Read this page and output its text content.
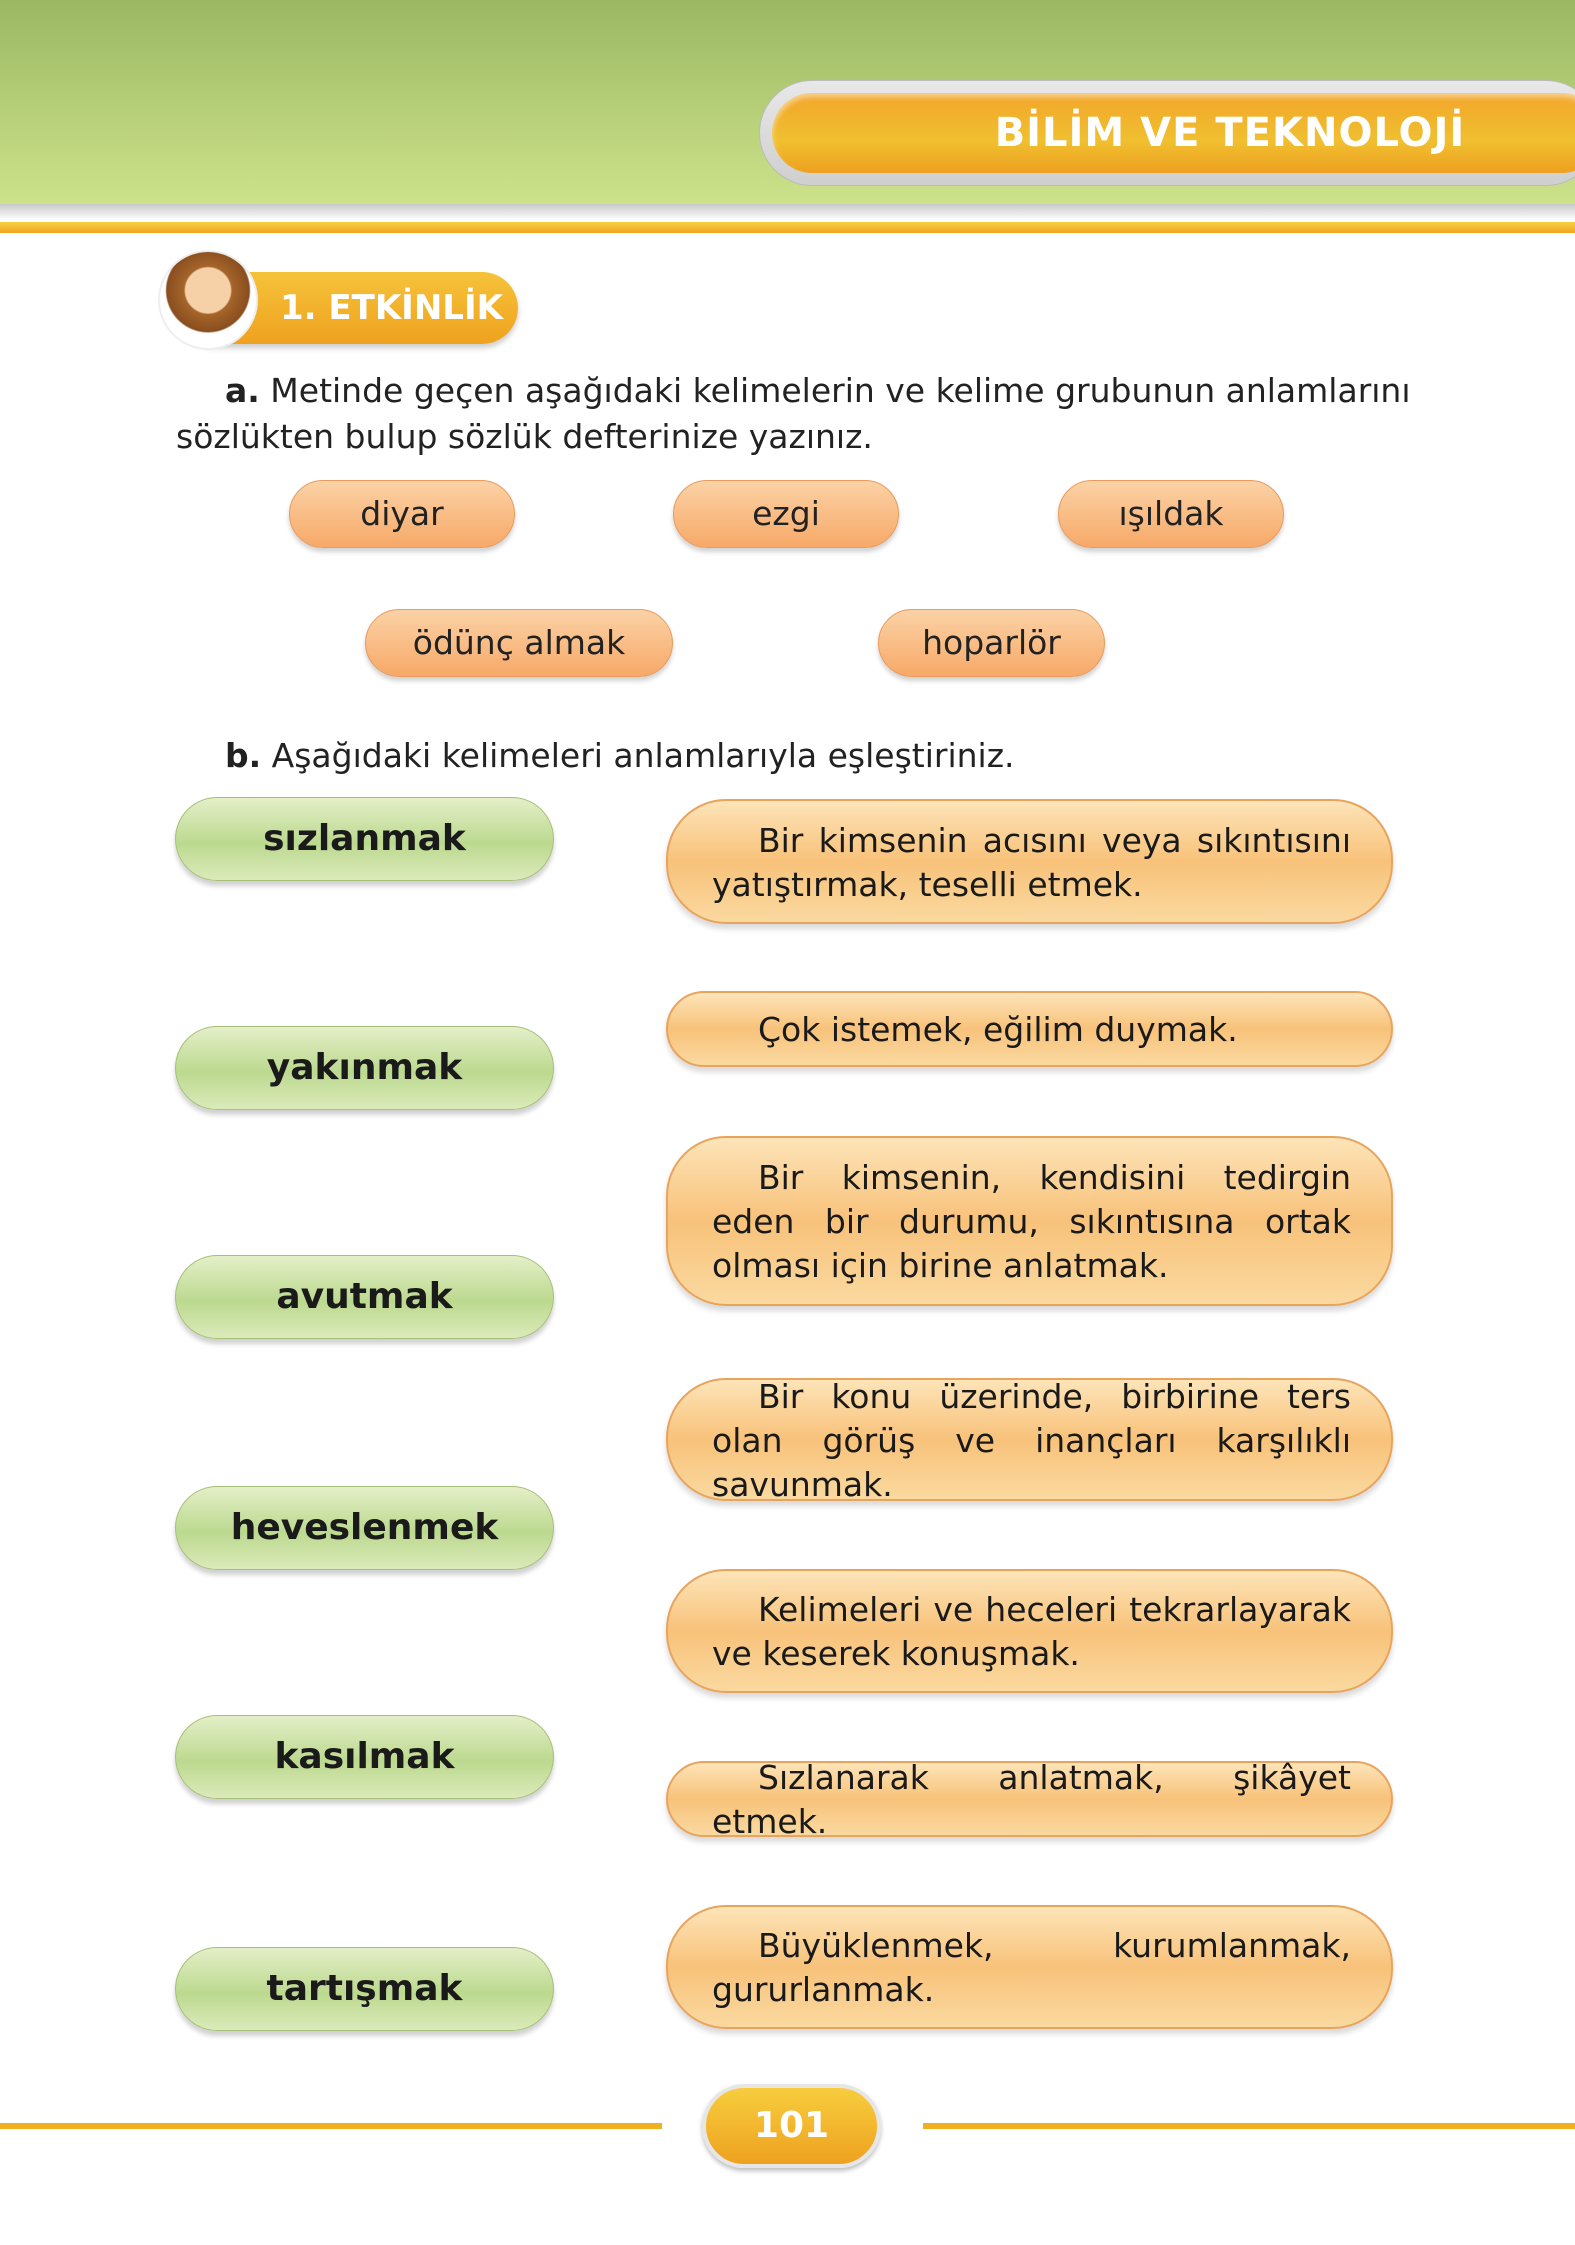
BİLİM VE TEKNOLOJİ
1. ETKİNLİK
a. Metinde geçen aşağıdaki kelimelerin ve kelime grubunun anlamlarını sözlükten bulup sözlük defterinize yazınız.
diyar	ezgi	ışıldak
ödünç almak	hoparlör
b. Aşağıdaki kelimeleri anlamlarıyla eşleştiriniz.
sızlanmak
yakınmak
avutmak
heveslenmek
kasılmak
tartışmak
Bir kimsenin acısını veya sıkıntısını yatıştırmak, teselli etmek.
Çok istemek, eğilim duymak.
Bir kimsenin, kendisini tedirgin eden bir durumu, sıkıntısına ortak olması için birine anlatmak.
Bir konu üzerinde, birbirine ters olan görüş ve inançları karşılıklı savunmak.
Kelimeleri ve heceleri tekrarlayarak ve keserek konuşmak.
Sızlanarak anlatmak, şikâyet etmek.
Büyüklenmek, kurumlanmak, gururlanmak.
101
